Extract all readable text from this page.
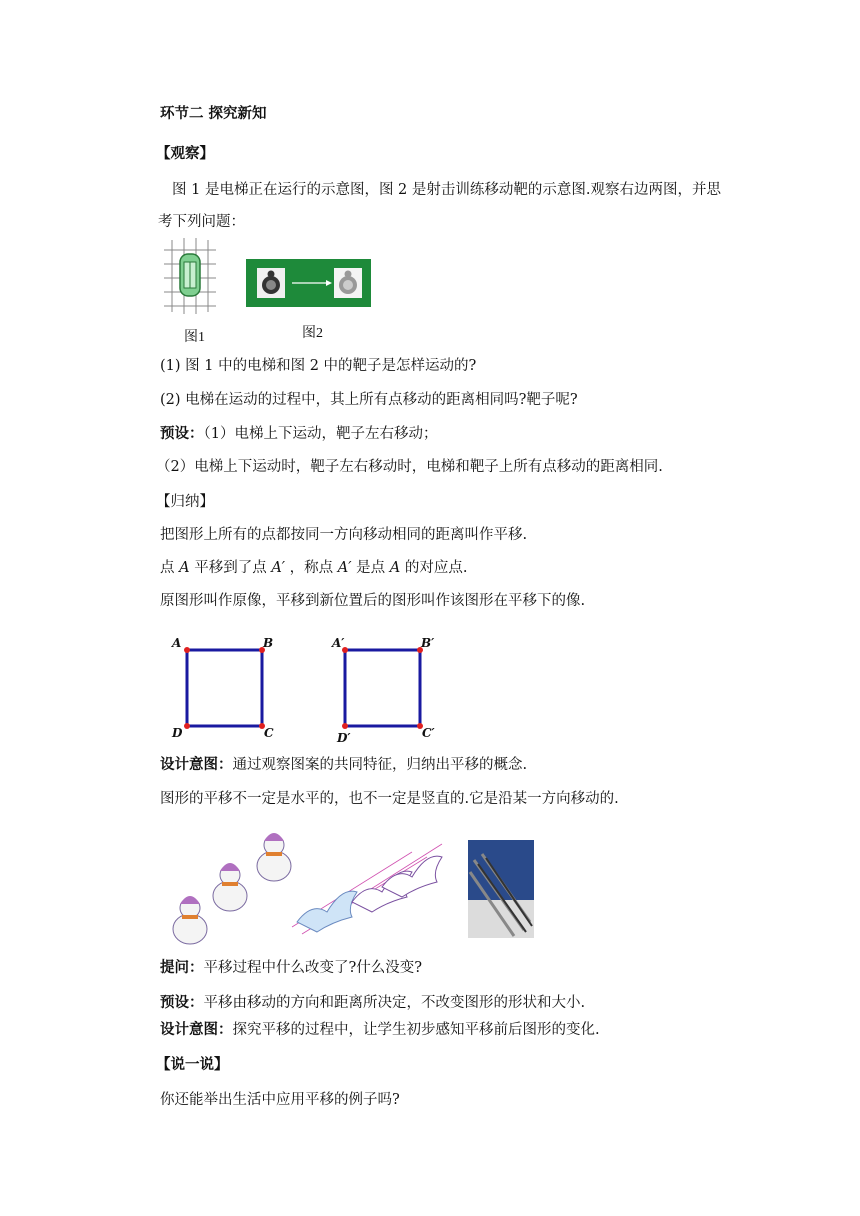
环节二 探究新知
【观察】
图 1 是电梯正在运行的示意图，图 2 是射击训练移动靶的示意图.观察右边两图，并思
考下列问题：
图1	图2
(1) 图 1 中的电梯和图 2 中的靶子是怎样运动的?
(2) 电梯在运动的过程中，其上所有点移动的距离相同吗?靶子呢?
预设：（1）电梯上下运动，靶子左右移动；
（2）电梯上下运动时，靶子左右移动时，电梯和靶子上所有点移动的距离相同.
【归纳】
把图形上所有的点都按同一方向移动相同的距离叫作平移.
点 A 平移到了点 A′ ，称点 A′ 是点 A 的对应点.
原图形叫作原像，平移到新位置后的图形叫作该图形在平移下的像.
A	B
D	C
A′	B′
D′	C′
设计意图：通过观察图案的共同特征，归纳出平移的概念.
图形的平移不一定是水平的，也不一定是竖直的.它是沿某一方向移动的.
提问：平移过程中什么改变了?什么没变?
预设：平移由移动的方向和距离所决定，不改变图形的形状和大小.
设计意图：探究平移的过程中，让学生初步感知平移前后图形的变化.
【说一说】
你还能举出生活中应用平移的例子吗?
